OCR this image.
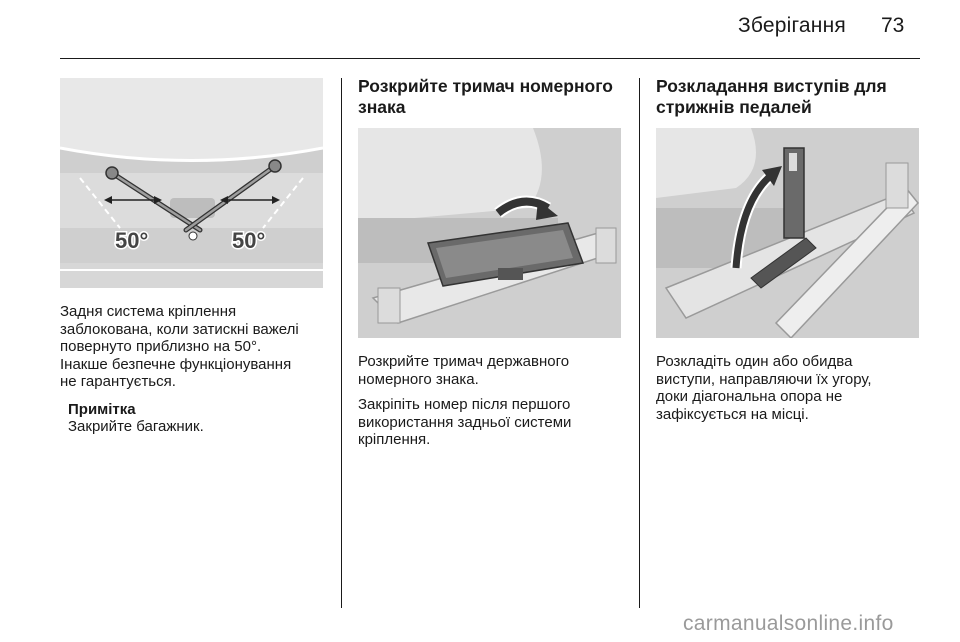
Зберігання 73
50°	50°
Задня система кріплення
заблокована, коли затискні важелі
повернуто приблизно на 50°.
Інакше безпечне функціонування
не гарантується.
Примітка
Закрийте багажник.
Розкрийте тримач номерного
знака
Розкрийте тримач державного
номерного знака.
Закріпіть номер після першого
використання задньої системи
кріплення.
Розкладання виступів для
стрижнів педалей
Розкладіть один або обидва
виступи, направляючи їх угору,
доки діагональна опора не
зафіксується на місці.
carmanualsonline.info
